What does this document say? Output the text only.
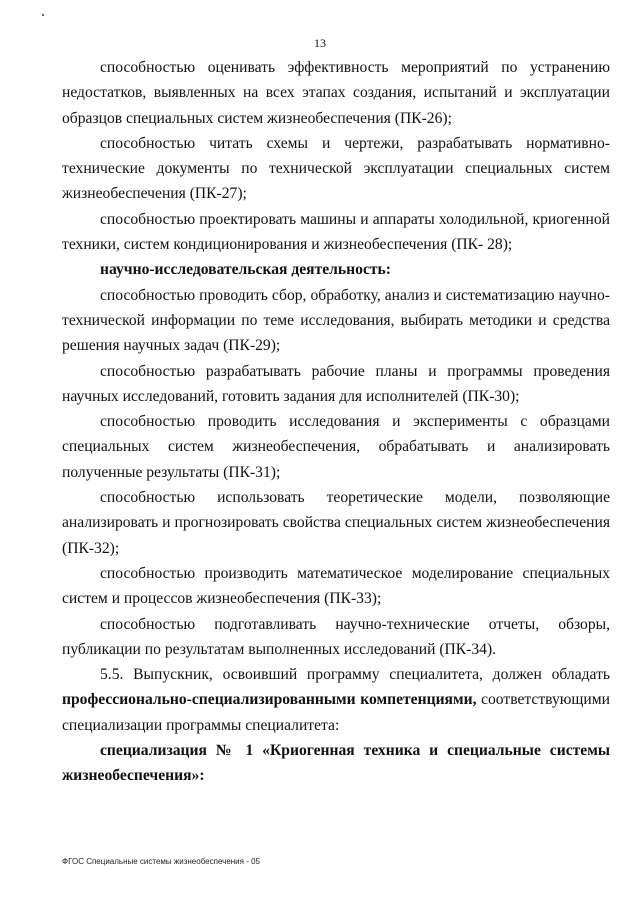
13

способностью оценивать эффективность мероприятий по устранению недостатков, выявленных на всех этапах создания, испытаний и эксплуатации образцов специальных систем жизнеобеспечения (ПК-26);

способностью читать схемы и чертежи, разрабатывать нормативно-технические документы по технической эксплуатации специальных систем жизнеобеспечения (ПК-27);

способностью проектировать машины и аппараты холодильной, криогенной техники, систем кондиционирования и жизнеобеспечения (ПК- 28);

научно-исследовательская деятельность:

способностью проводить сбор, обработку, анализ и систематизацию научно-технической информации по теме исследования, выбирать методики и средства решения научных задач (ПК-29);

способностью разрабатывать рабочие планы и программы проведения научных исследований, готовить задания для исполнителей (ПК-30);

способностью проводить исследования и эксперименты с образцами специальных систем жизнеобеспечения, обрабатывать и анализировать полученные результаты (ПК-31);

способностью использовать теоретические модели, позволяющие анализировать и прогнозировать свойства специальных систем жизнеобеспечения (ПК-32);

способностью производить математическое моделирование специальных систем и процессов жизнеобеспечения (ПК-33);

способностью подготавливать научно-технические отчеты, обзоры, публикации по результатам выполненных исследований (ПК-34).

5.5. Выпускник, освоивший программу специалитета, должен обладать профессионально-специализированными компетенциями, соответствующими специализации программы специалитета:

специализация № 1 «Криогенная техника и специальные системы жизнеобеспечения»:

ФГОС Специальные системы жизнеобеспечения - 05
